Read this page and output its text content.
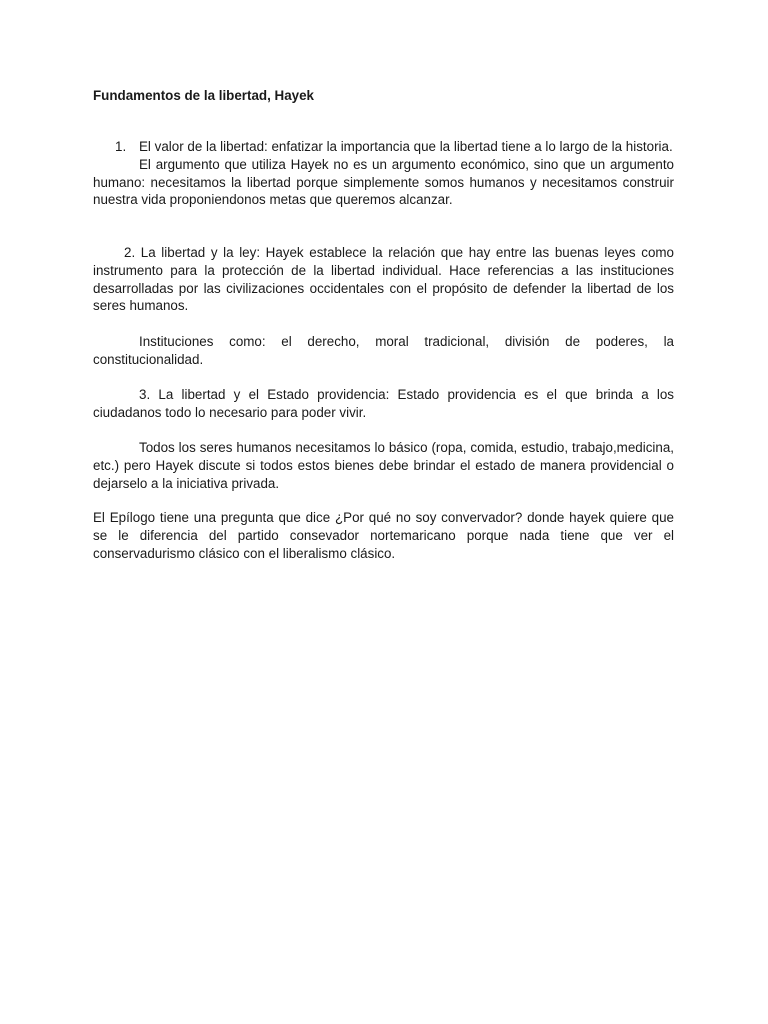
Fundamentos de la libertad, Hayek

1. El valor de la libertad: enfatizar la importancia que la libertad tiene a lo largo de la historia.
El argumento que utiliza Hayek no es un argumento económico, sino que un argumento humano: necesitamos la libertad porque simplemente somos humanos y necesitamos construir nuestra vida proponiendonos metas que queremos alcanzar.

2. La libertad y la ley: Hayek establece la relación que hay entre las buenas leyes como instrumento para la protección de la libertad individual. Hace referencias a las instituciones desarrolladas por las civilizaciones occidentales con el propósito de defender la libertad de los seres humanos.

Instituciones como: el derecho, moral tradicional, división de poderes, la constitucionalidad.

3. La libertad y el Estado providencia: Estado providencia es el que brinda a los ciudadanos todo lo necesario para poder vivir.

Todos los seres humanos necesitamos lo básico (ropa, comida, estudio, trabajo,medicina, etc.) pero Hayek discute si todos estos bienes debe brindar el estado de manera providencial o dejarselo a la iniciativa privada.

El Epílogo tiene una pregunta que dice ¿Por qué no soy convervador? donde hayek quiere que se le diferencia del partido consevador nortemaricano porque nada tiene que ver el conservadurismo clásico con el liberalismo clásico.
